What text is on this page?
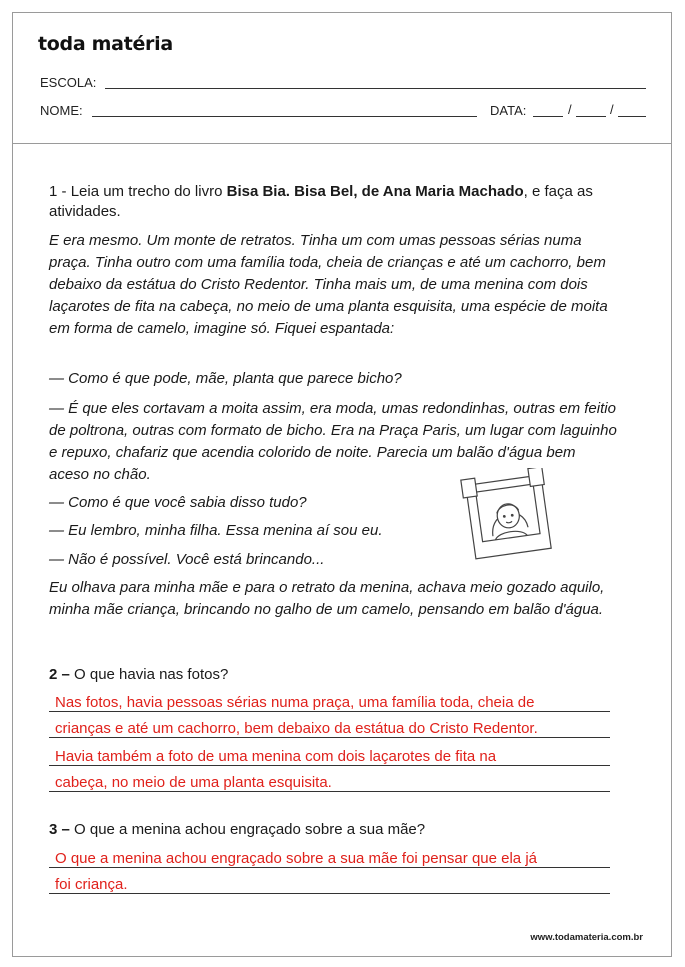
toda matéria
ESCOLA:
NOME:	DATA:	/	/
1 - Leia um trecho do livro Bisa Bia. Bisa Bel, de Ana Maria Machado, e faça as atividades.
E era mesmo. Um monte de retratos. Tinha um com umas pessoas sérias numa praça. Tinha outro com uma família toda, cheia de crianças e até um cachorro, bem debaixo da estátua do Cristo Redentor. Tinha mais um, de uma menina com dois laçarotes de fita na cabeça, no meio de uma planta esquisita, uma espécie de moita em forma de camelo, imagine só. Fiquei espantada:
— Como é que pode, mãe, planta que parece bicho?
— É que eles cortavam a moita assim, era moda, umas redondinhas, outras em feitio de poltrona, outras com formato de bicho. Era na Praça Paris, um lugar com laguinho e repuxo, chafariz que acendia colorido de noite. Parecia um balão d'água bem aceso no chão.
— Como é que você sabia disso tudo?
— Eu lembro, minha filha. Essa menina aí sou eu.
— Não é possível. Você está brincando...
Eu olhava para minha mãe e para o retrato da menina, achava meio gozado aquilo, minha mãe criança, brincando no galho de um camelo, pensando em balão d'água.
2 – O que havia nas fotos?
Nas fotos, havia pessoas sérias numa praça, uma família toda, cheia de
crianças e até um cachorro, bem debaixo da estátua do Cristo Redentor.
Havia também a foto de uma menina com dois laçarotes de fita na
cabeça, no meio de uma planta esquisita.
3 – O que a menina achou engraçado sobre a sua mãe?
O que a menina achou engraçado sobre a sua mãe foi pensar que ela já
foi criança.
www.todamateria.com.br
